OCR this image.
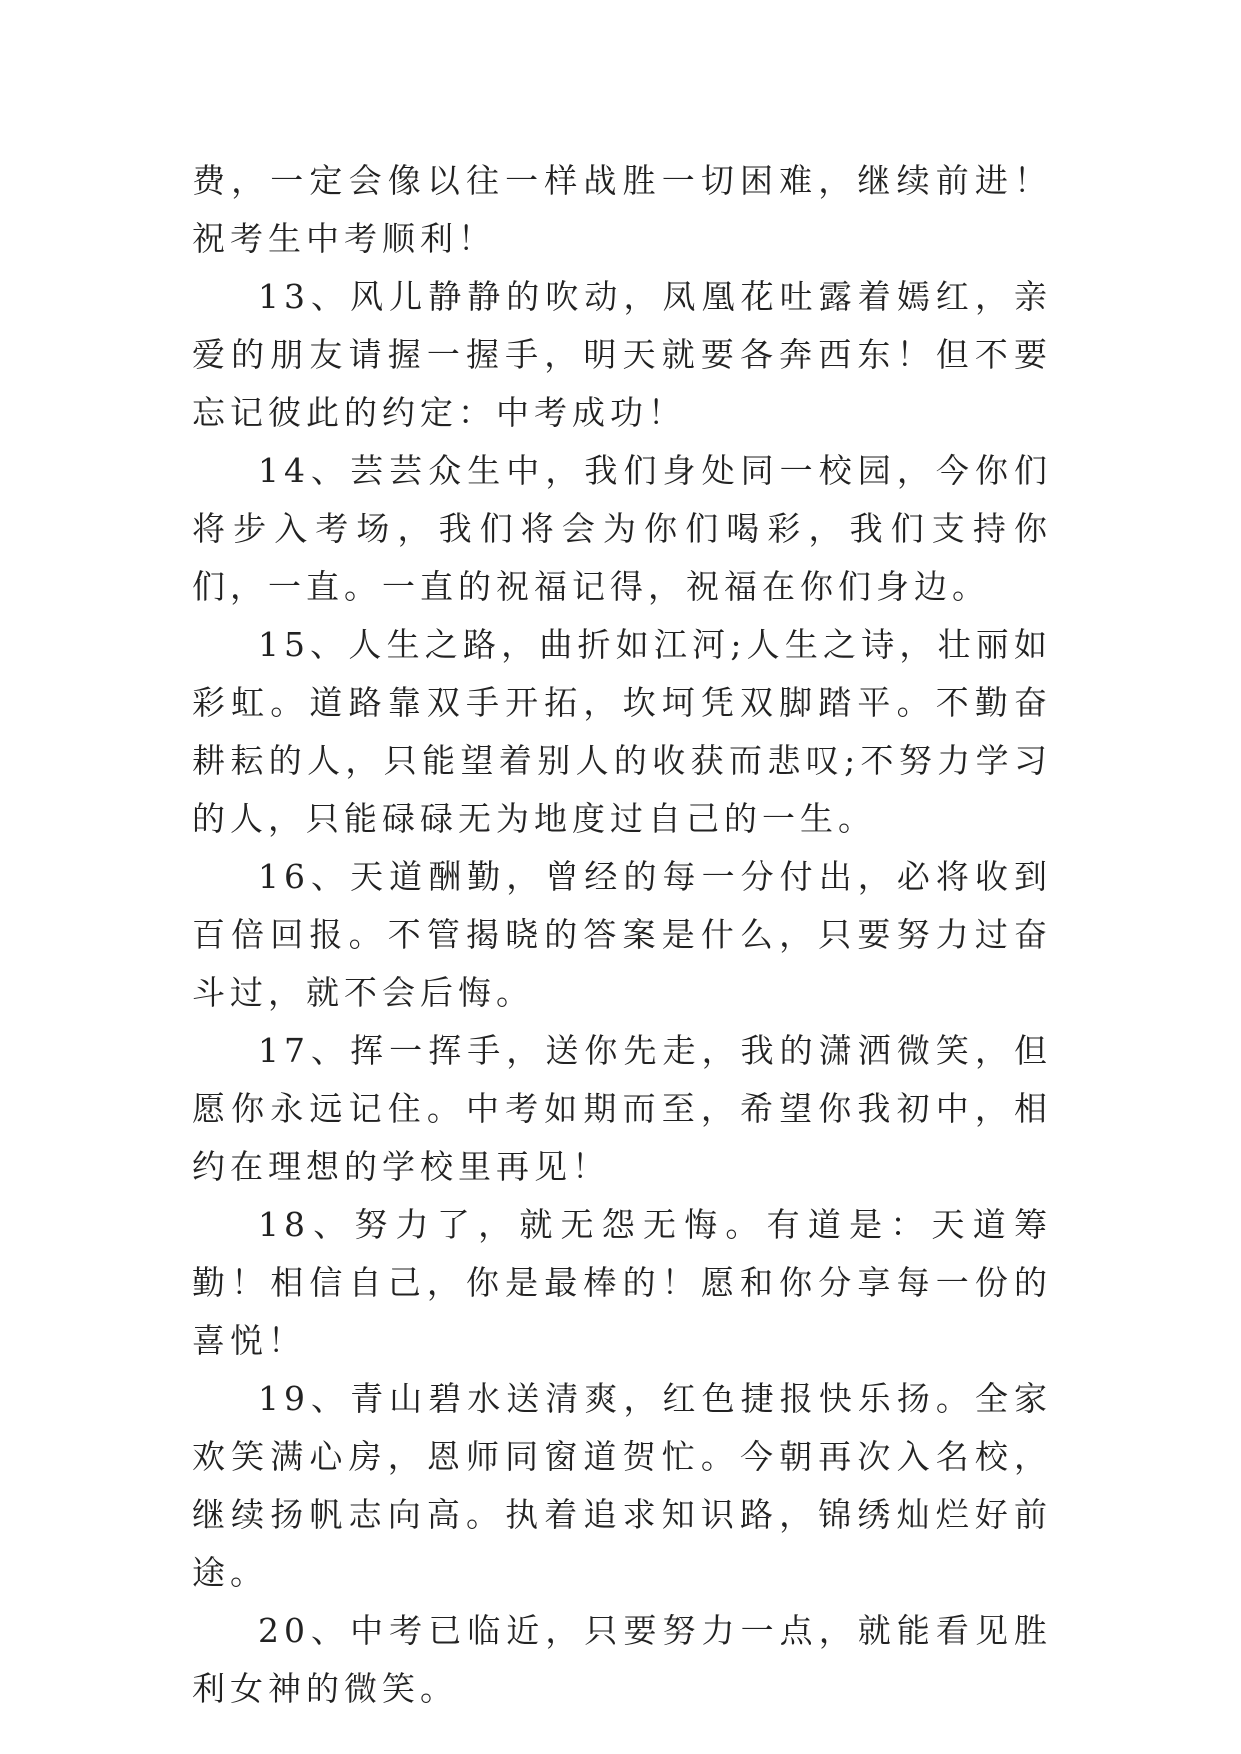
费，一定会像以往一样战胜一切困难，继续前进！祝考生中考顺利！

13、风儿静静的吹动，凤凰花吐露着嫣红，亲爱的朋友请握一握手，明天就要各奔西东！但不要忘记彼此的约定：中考成功！

14、芸芸众生中，我们身处同一校园，今你们将步入考场，我们将会为你们喝彩，我们支持你们，一直。一直的祝福记得，祝福在你们身边。

15、人生之路，曲折如江河;人生之诗，壮丽如彩虹。道路靠双手开拓，坎坷凭双脚踏平。不勤奋耕耘的人，只能望着别人的收获而悲叹;不努力学习的人，只能碌碌无为地度过自己的一生。

16、天道酬勤，曾经的每一分付出，必将收到百倍回报。不管揭晓的答案是什么，只要努力过奋斗过，就不会后悔。

17、挥一挥手，送你先走，我的潇洒微笑，但愿你永远记住。中考如期而至，希望你我初中，相约在理想的学校里再见！

18、努力了，就无怨无悔。有道是：天道筹勤！相信自己，你是最棒的！愿和你分享每一份的喜悦！

19、青山碧水送清爽，红色捷报快乐扬。全家欢笑满心房，恩师同窗道贺忙。今朝再次入名校，继续扬帆志向高。执着追求知识路，锦绣灿烂好前途。

20、中考已临近，只要努力一点，就能看见胜利女神的微笑。
